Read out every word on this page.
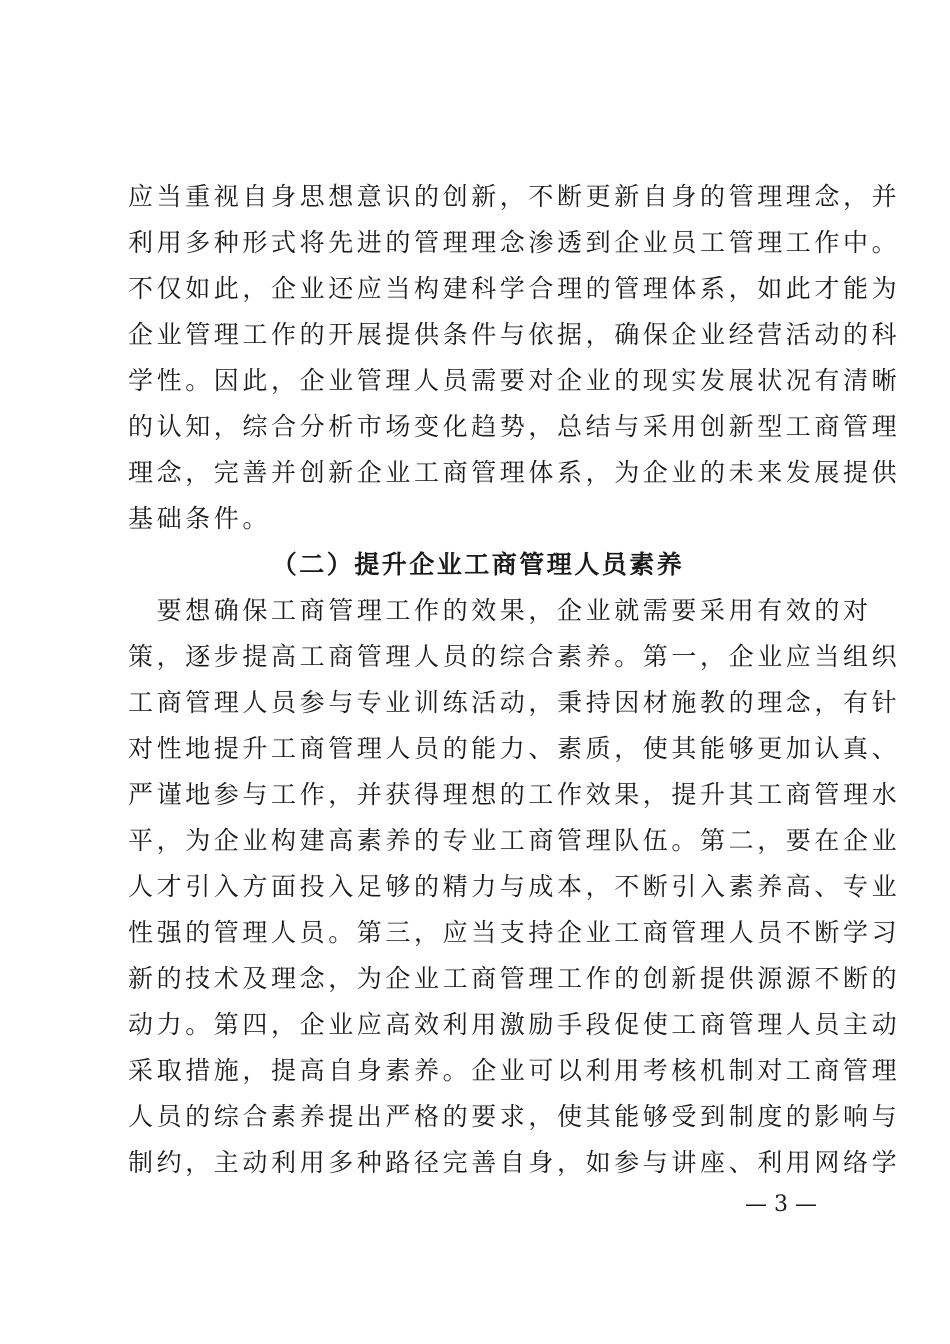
应当重视自身思想意识的创新，不断更新自身的管理理念，并
利用多种形式将先进的管理理念渗透到企业员工管理工作中。
不仅如此，企业还应当构建科学合理的管理体系，如此才能为
企业管理工作的开展提供条件与依据，确保企业经营活动的科
学性。因此，企业管理人员需要对企业的现实发展状况有清晰
的认知，综合分析市场变化趋势，总结与采用创新型工商管理
理念，完善并创新企业工商管理体系，为企业的未来发展提供
基础条件。
（二）提升企业工商管理人员素养
　要想确保工商管理工作的效果，企业就需要采用有效的对
策，逐步提高工商管理人员的综合素养。第一，企业应当组织
工商管理人员参与专业训练活动，秉持因材施教的理念，有针
对性地提升工商管理人员的能力、素质，使其能够更加认真、
严谨地参与工作，并获得理想的工作效果，提升其工商管理水
平，为企业构建高素养的专业工商管理队伍。第二，要在企业
人才引入方面投入足够的精力与成本，不断引入素养高、专业
性强的管理人员。第三，应当支持企业工商管理人员不断学习
新的技术及理念，为企业工商管理工作的创新提供源源不断的
动力。第四，企业应高效利用激励手段促使工商管理人员主动
采取措施，提高自身素养。企业可以利用考核机制对工商管理
人员的综合素养提出严格的要求，使其能够受到制度的影响与
制约，主动利用多种路径完善自身，如参与讲座、利用网络学
— 3 —
